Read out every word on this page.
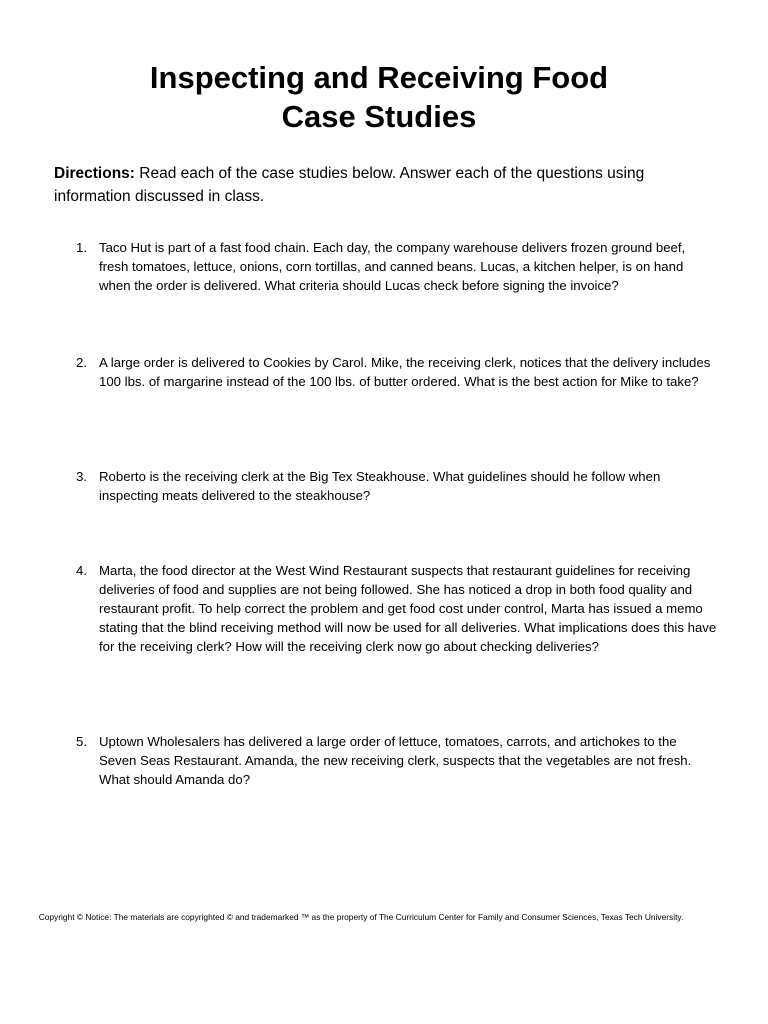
Inspecting and Receiving Food
Case Studies
Directions: Read each of the case studies below. Answer each of the questions using information discussed in class.
1. Taco Hut is part of a fast food chain. Each day, the company warehouse delivers frozen ground beef, fresh tomatoes, lettuce, onions, corn tortillas, and canned beans. Lucas, a kitchen helper, is on hand when the order is delivered. What criteria should Lucas check before signing the invoice?
2. A large order is delivered to Cookies by Carol. Mike, the receiving clerk, notices that the delivery includes 100 lbs. of margarine instead of the 100 lbs. of butter ordered. What is the best action for Mike to take?
3. Roberto is the receiving clerk at the Big Tex Steakhouse. What guidelines should he follow when inspecting meats delivered to the steakhouse?
4. Marta, the food director at the West Wind Restaurant suspects that restaurant guidelines for receiving deliveries of food and supplies are not being followed. She has noticed a drop in both food quality and restaurant profit. To help correct the problem and get food cost under control, Marta has issued a memo stating that the blind receiving method will now be used for all deliveries. What implications does this have for the receiving clerk? How will the receiving clerk now go about checking deliveries?
5. Uptown Wholesalers has delivered a large order of lettuce, tomatoes, carrots, and artichokes to the Seven Seas Restaurant. Amanda, the new receiving clerk, suspects that the vegetables are not fresh. What should Amanda do?
Copyright © Notice: The materials are copyrighted © and trademarked ™ as the property of The Curriculum Center for Family and Consumer Sciences, Texas Tech University.
